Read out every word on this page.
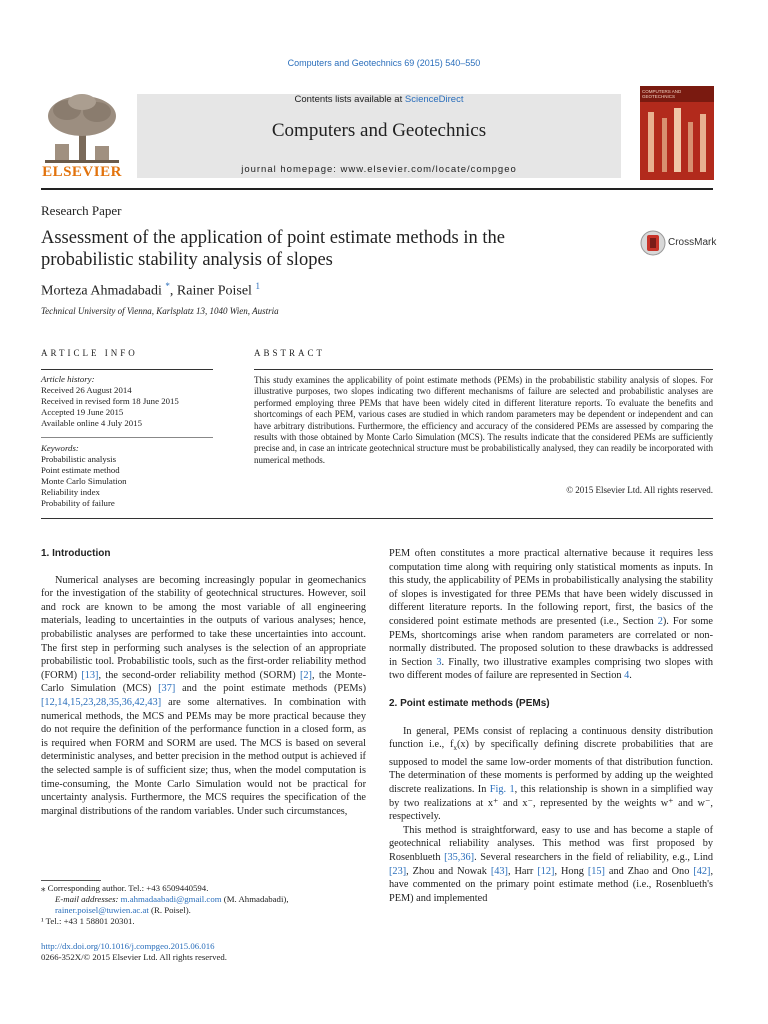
Computers and Geotechnics 69 (2015) 540–550
ELSEVIER
Contents lists available at ScienceDirect
Computers and Geotechnics
journal homepage: www.elsevier.com/locate/compgeo
COMPUTERS AND GEOTECHNICS
Research Paper
Assessment of the application of point estimate methods in the probabilistic stability analysis of slopes
CrossMark
Morteza Ahmadabadi *, Rainer Poisel $^1$
Technical University of Vienna, Karlsplatz 13, 1040 Wien, Austria
ARTICLE INFO
Article history:
Received 26 August 2014
Received in revised form 18 June 2015
Accepted 19 June 2015
Available online 4 July 2015
Keywords:
Probabilistic analysis
Point estimate method
Monte Carlo Simulation
Reliability index
Probability of failure
ABSTRACT
This study examines the applicability of point estimate methods (PEMs) in the probabilistic stability analysis of slopes. For illustrative purposes, two slopes indicating two different mechanisms of failure are selected and probabilistic analyses are performed employing three PEMs that have been widely cited in different literature reports. To evaluate the benefits and shortcomings of each PEM, various cases are studied in which random parameters may be dependent or independent and can have arbitrary distributions. Furthermore, the efficiency and accuracy of the considered PEMs are assessed by comparing the results with those obtained by Monte Carlo Simulation (MCS). The results indicate that the considered PEMs are sufficiently precise and, in case an intricate geotechnical structure must be probabilistically analysed, they can readily be incorporated with numerical methods.
© 2015 Elsevier Ltd. All rights reserved.

1. Introduction

Numerical analyses are becoming increasingly popular in geomechanics for the investigation of the stability of geotechnical structures. However, soil and rock are known to be among the most variable of all engineering materials, leading to uncertainties in the outputs of various analyses; hence, probabilistic analyses are performed to take these uncertainties into account. The first step in performing such analyses is the selection of an appropriate probabilistic tool. Probabilistic tools, such as the first-order reliability method (FORM) [13], the second-order reliability method (SORM) [2], the Monte-Carlo Simulation (MCS) [37] and the point estimate methods (PEMs) [12,14,15,23,28,35,36,42,43] are some alternatives. In combination with numerical methods, the MCS and PEMs may be more practical because they do not require the definition of the performance function in a closed form, as is required when FORM and SORM are used. The MCS is based on several deterministic analyses, and better precision in the method output is achieved if the selected sample is of sufficient size; thus, when the model computation is time-consuming, the Monte Carlo Simulation would not be practical for uncertainty analysis. Furthermore, the MCS requires the specification of the marginal distributions of the random variables. Under such circumstances,

⁎ Corresponding author. Tel.: +43 6509440594.
E-mail addresses: m.ahmadaabadi@gmail.com (M. Ahmadabadi), rainer.poisel@tuwien.ac.at (R. Poisel).
¹ Tel.: +43 1 58801 20301.
http://dx.doi.org/10.1016/j.compgeo.2015.06.016
0266-352X/© 2015 Elsevier Ltd. All rights reserved.

PEM often constitutes a more practical alternative because it requires less computation time along with requiring only statistical moments as inputs. In this study, the applicability of PEMs in probabilistically analysing the stability of slopes is investigated for three PEMs that have been widely discussed in different literature reports. In the following report, first, the basics of the considered point estimate methods are presented (i.e., Section 2). For some PEMs, shortcomings arise when random parameters are correlated or non-normally distributed. The proposed solution to these drawbacks is addressed in Section 3. Finally, two illustrative examples comprising two slopes with two different modes of failure are represented in Section 4.

2. Point estimate methods (PEMs)

In general, PEMs consist of replacing a continuous density distribution function i.e., $f_x(x)$ by specifically defining discrete probabilities that are supposed to model the same low-order moments of that distribution function. The determination of these moments is performed by adding up the weighted discrete realizations. In Fig. 1, this relationship is shown in a simplified way by two realizations at x⁺ and x⁻, represented by the weights w⁺ and w⁻, respectively.

This method is straightforward, easy to use and has become a staple of geotechnical reliability analyses. This method was first proposed by Rosenblueth [35,36]. Several researchers in the field of reliability, e.g., Lind [23], Zhou and Nowak [43], Harr [12], Hong [15] and Zhao and Ono [42], have commented on the primary point estimate method (i.e., Rosenblueth's PEM) and implemented
